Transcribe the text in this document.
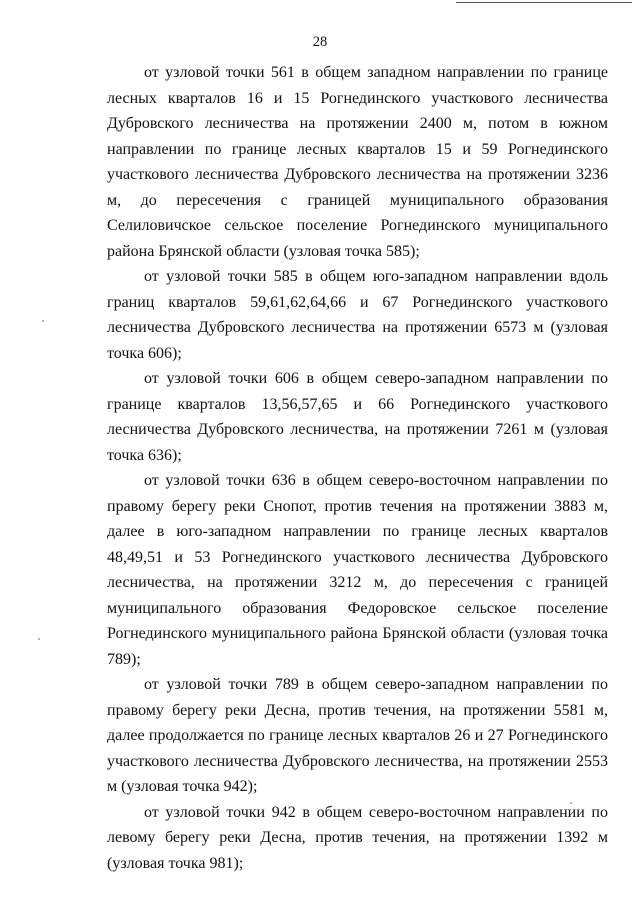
28

от узловой точки 561 в общем западном направлении по границе лесных кварталов 16 и 15 Рогнединского участкового лесничества Дубровского лесничества на протяжении 2400 м, потом в южном направлении по границе лесных кварталов 15 и 59 Рогнединского участкового лесничества Дубровского лесничества на протяжении 3236 м, до пересечения с границей муниципального образования Селиловичское сельское поселение Рогнединского муниципального района Брянской области (узловая точка 585);

от узловой точки 585 в общем юго-западном направлении вдоль границ кварталов 59,61,62,64,66 и 67 Рогнединского участкового лесничества Дубровского лесничества на протяжении 6573 м (узловая точка 606);

от узловой точки 606 в общем северо-западном направлении по границе кварталов 13,56,57,65 и 66 Рогнединского участкового лесничества Дубровского лесничества, на протяжении 7261 м (узловая точка 636);

от узловой точки 636 в общем северо-восточном направлении по правому берегу реки Снопот, против течения на протяжении 3883 м, далее в юго-западном направлении по границе лесных кварталов 48,49,51 и 53 Рогнединского участкового лесничества Дубровского лесничества, на протяжении 3212 м, до пересечения с границей муниципального образования Федоровское сельское поселение Рогнединского муниципального района Брянской области (узловая точка 789);

от узловой точки 789 в общем северо-западном направлении по правому берегу реки Десна, против течения, на протяжении 5581 м, далее продолжается по границе лесных кварталов 26 и 27 Рогнединского участкового лесничества Дубровского лесничества, на протяжении 2553 м (узловая точка 942);

от узловой точки 942 в общем северо-восточном направлении по левому берегу реки Десна, против течения, на протяжении 1392 м (узловая точка 981);
